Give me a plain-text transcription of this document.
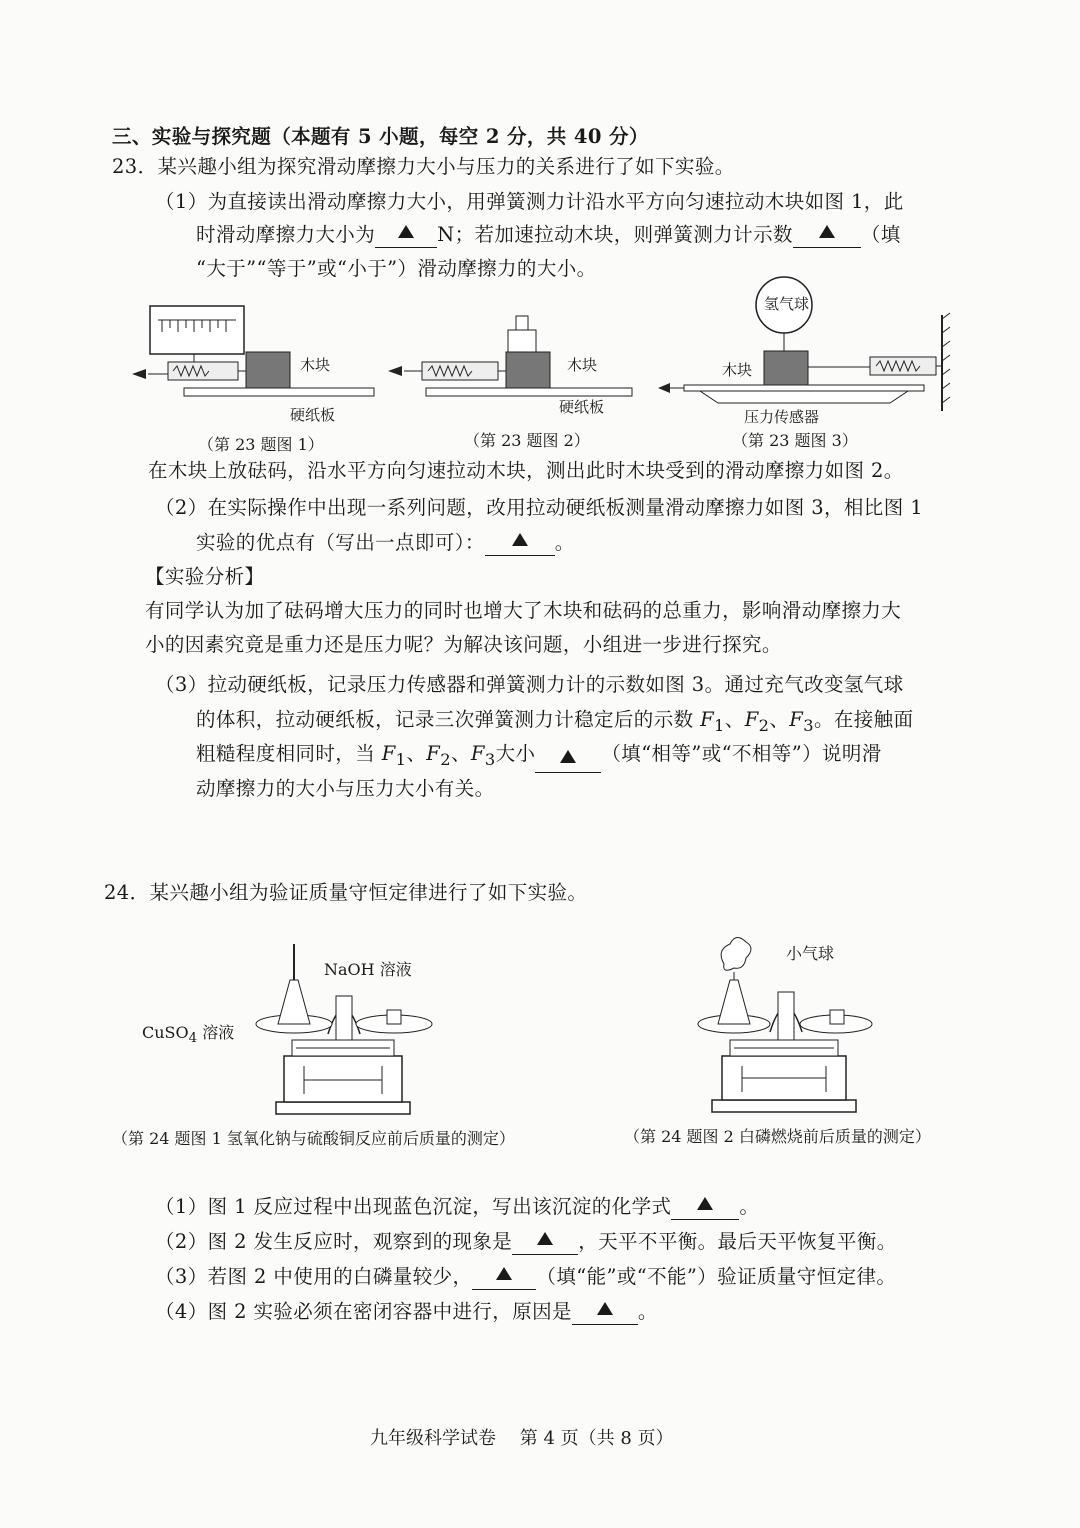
三、实验与探究题（本题有 5 小题，每空 2 分，共 40 分）
23．某兴趣小组为探究滑动摩擦力大小与压力的关系进行了如下实验。
（1）为直接读出滑动摩擦力大小，用弹簧测力计沿水平方向匀速拉动木块如图 1，此
时滑动摩擦力大小为	N；若加速拉动木块，则弹簧测力计示数	（填
“大于”“等于”或“小于”）滑动摩擦力的大小。
木块
硬纸板
木块
硬纸板
氢气球
木块
压力传感器
（第 23 题图 1）	（第 23 题图 2）	（第 23 题图 3）
在木块上放砝码，沿水平方向匀速拉动木块，测出此时木块受到的滑动摩擦力如图 2。
（2）在实际操作中出现一系列问题，改用拉动硬纸板测量滑动摩擦力如图 3，相比图 1
实验的优点有（写出一点即可）：	。
【实验分析】
有同学认为加了砝码增大压力的同时也增大了木块和砝码的总重力，影响滑动摩擦力大
小的因素究竟是重力还是压力呢？为解决该问题，小组进一步进行探究。
（3）拉动硬纸板，记录压力传感器和弹簧测力计的示数如图 3。通过充气改变氢气球
的体积，拉动硬纸板，记录三次弹簧测力计稳定后的示数 $F_1$、$F_2$、$F_3$。在接触面
粗糙程度相同时，当 $F_1$、$F_2$、$F_3$大小	（填“相等”或“不相等”）说明滑
动摩擦力的大小与压力大小有关。
24．某兴趣小组为验证质量守恒定律进行了如下实验。
NaOH 溶液
CuSO$_4$ 溶液
小气球
（第 24 题图 1 氢氧化钠与硫酸铜反应前后质量的测定）	（第 24 题图 2 白磷燃烧前后质量的测定）
（1）图 1 反应过程中出现蓝色沉淀，写出该沉淀的化学式	。
（2）图 2 发生反应时，观察到的现象是	，天平不平衡。最后天平恢复平衡。
（3）若图 2 中使用的白磷量较少，	（填“能”或“不能”）验证质量守恒定律。
（4）图 2 实验必须在密闭容器中进行，原因是	。
九年级科学试卷　 第 4 页（共 8 页）
